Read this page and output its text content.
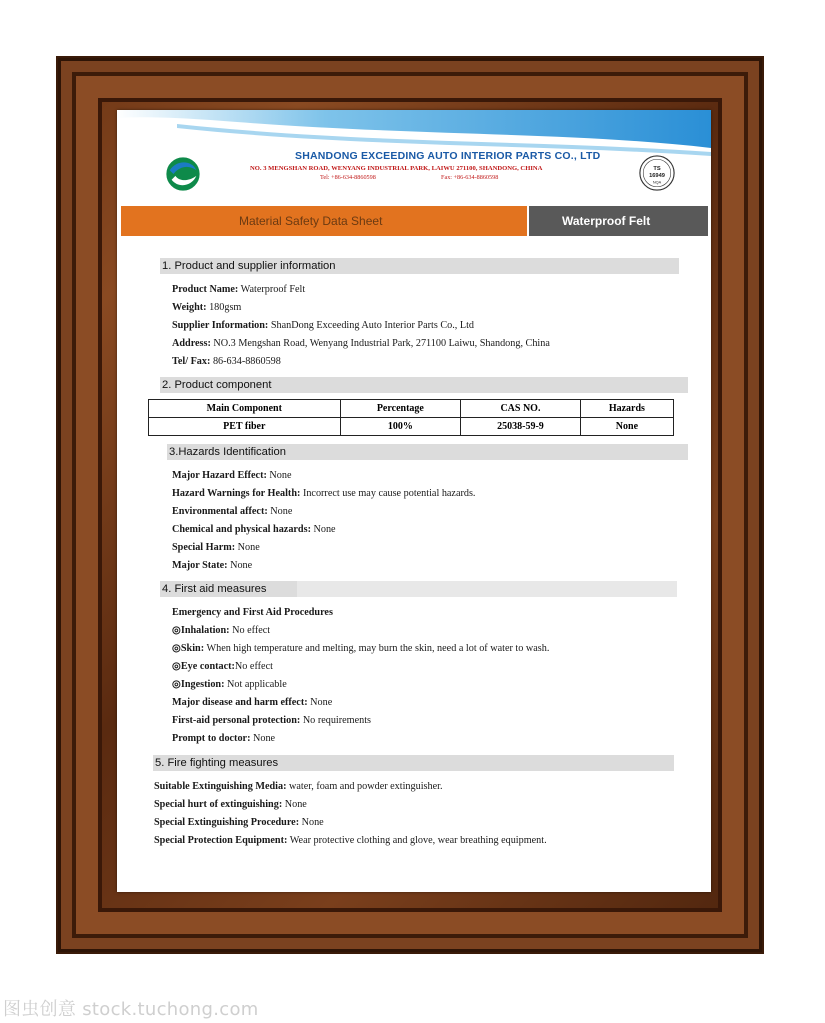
SHANDONG EXCEEDING AUTO INTERIOR PARTS CO., LTD
NO. 3 MENGSHAN ROAD, WENYANG INDUSTRIAL PARK, LAIWU 271100, SHANDONG, CHINA
Tel: +86-634-8860598	Fax: +86-634-8860598
TS
16949
NQA
Material Safety Data Sheet	Waterproof Felt
1. Product and supplier information
Product Name: Waterproof Felt
Weight: 180gsm
Supplier Information: ShanDong Exceeding Auto Interior Parts Co., Ltd
Address: NO.3 Mengshan Road, Wenyang Industrial Park, 271100 Laiwu, Shandong, China
Tel/ Fax: 86-634-8860598
2. Product component
Main Component	Percentage	CAS NO.	Hazards
PET fiber	100%	25038-59-9	None
3.Hazards Identification
Major Hazard Effect: None
Hazard Warnings for Health: Incorrect use may cause potential hazards.
Environmental affect: None
Chemical and physical hazards: None
Special Harm: None
Major State: None
4. First aid measures
Emergency and First Aid Procedures
◎Inhalation: No effect
◎Skin: When high temperature and melting, may burn the skin, need a lot of water to wash.
◎Eye contact:No effect
◎Ingestion: Not applicable
Major disease and harm effect: None
First-aid personal protection: No requirements
Prompt to doctor: None
5. Fire fighting measures
Suitable Extinguishing Media: water, foam and powder extinguisher.
Special hurt of extinguishing: None
Special Extinguishing Procedure: None
Special Protection Equipment: Wear protective clothing and glove, wear breathing equipment.
图虫创意 stock.tuchong.com
